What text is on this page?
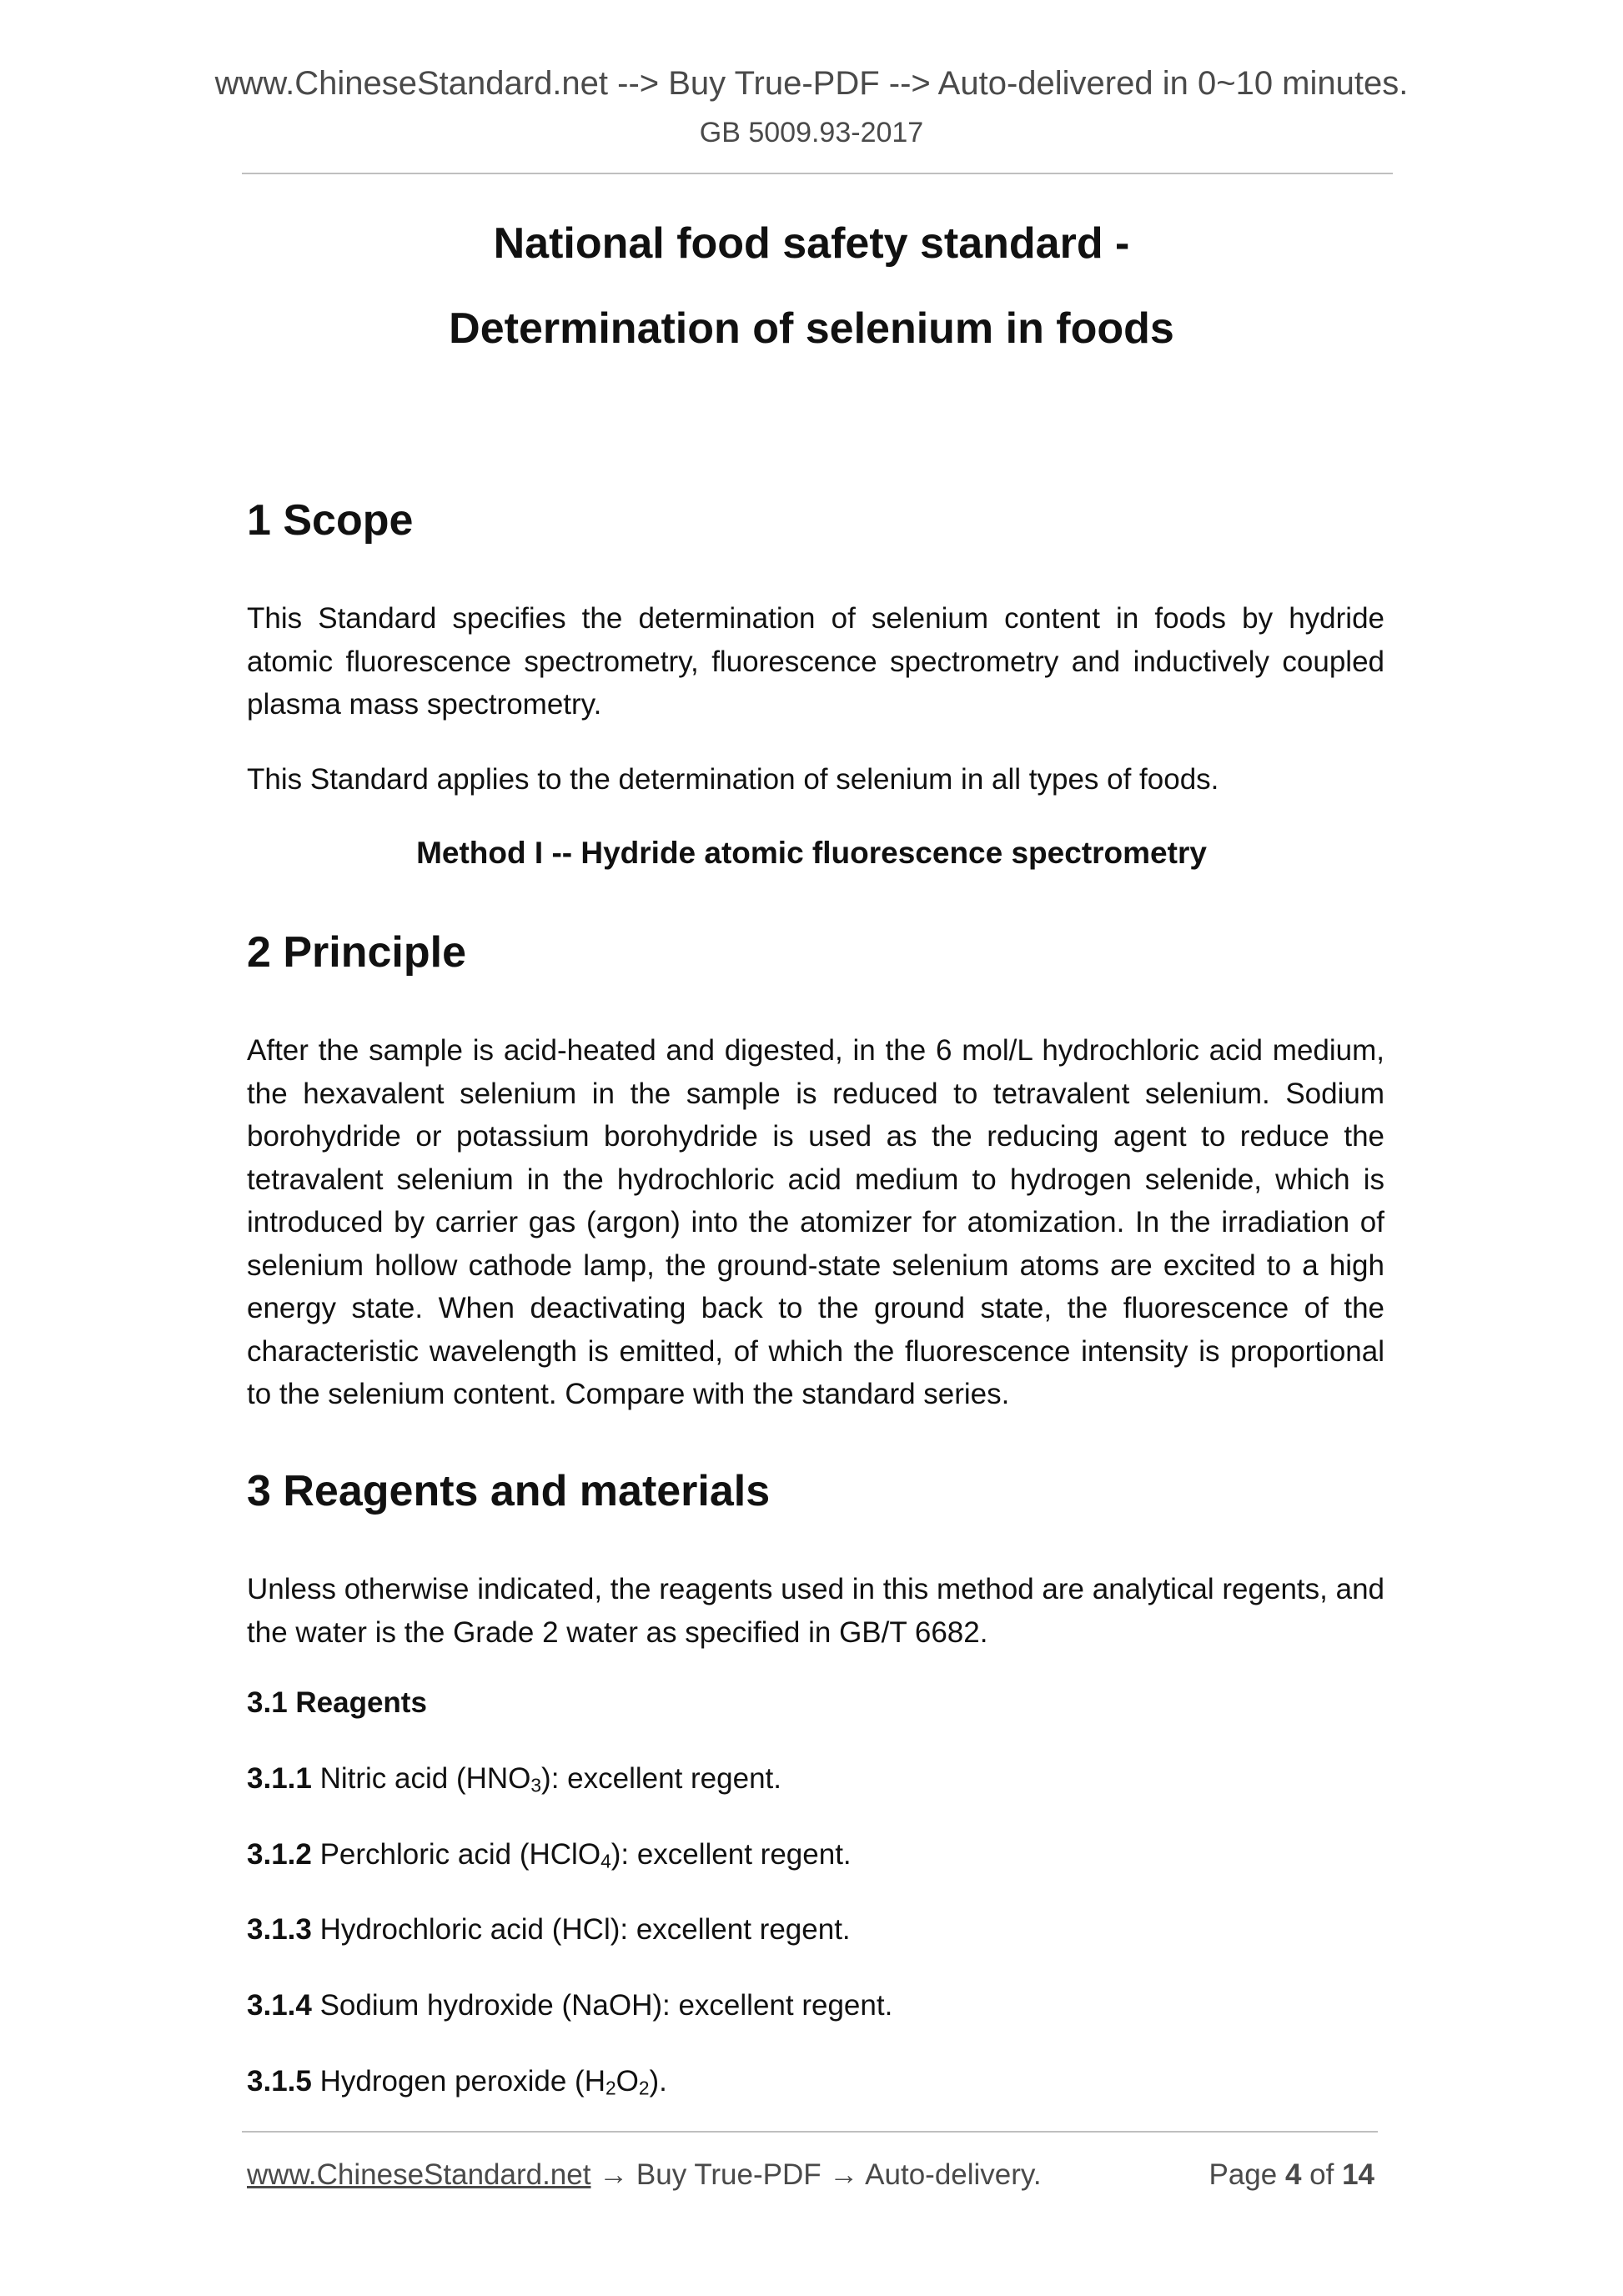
www.ChineseStandard.net --> Buy True-PDF --> Auto-delivered in 0~10 minutes.
GB 5009.93-2017
National food safety standard -
Determination of selenium in foods
1 Scope

This Standard specifies the determination of selenium content in foods by hydride atomic fluorescence spectrometry, fluorescence spectrometry and inductively coupled plasma mass spectrometry.

This Standard applies to the determination of selenium in all types of foods.

Method I -- Hydride atomic fluorescence spectrometry
2 Principle

After the sample is acid-heated and digested, in the 6 mol/L hydrochloric acid medium, the hexavalent selenium in the sample is reduced to tetravalent selenium. Sodium borohydride or potassium borohydride is used as the reducing agent to reduce the tetravalent selenium in the hydrochloric acid medium to hydrogen selenide, which is introduced by carrier gas (argon) into the atomizer for atomization. In the irradiation of selenium hollow cathode lamp, the ground-state selenium atoms are excited to a high energy state. When deactivating back to the ground state, the fluorescence of the characteristic wavelength is emitted, of which the fluorescence intensity is proportional to the selenium content. Compare with the standard series.

3 Reagents and materials

Unless otherwise indicated, the reagents used in this method are analytical regents, and the water is the Grade 2 water as specified in GB/T 6682.

3.1 Reagents
3.1.1 Nitric acid $(HNO_3)$: excellent regent.
3.1.2 Perchloric acid (HClO$_4$): excellent regent.
3.1.3 Hydrochloric acid (HCl): excellent regent.
3.1.4 Sodium hydroxide (NaOH): excellent regent.
3.1.5 Hydrogen peroxide $(H_2O_2)$.
www.ChineseStandard.net → Buy True-PDF → Auto-delivery.	Page 4 of 14
